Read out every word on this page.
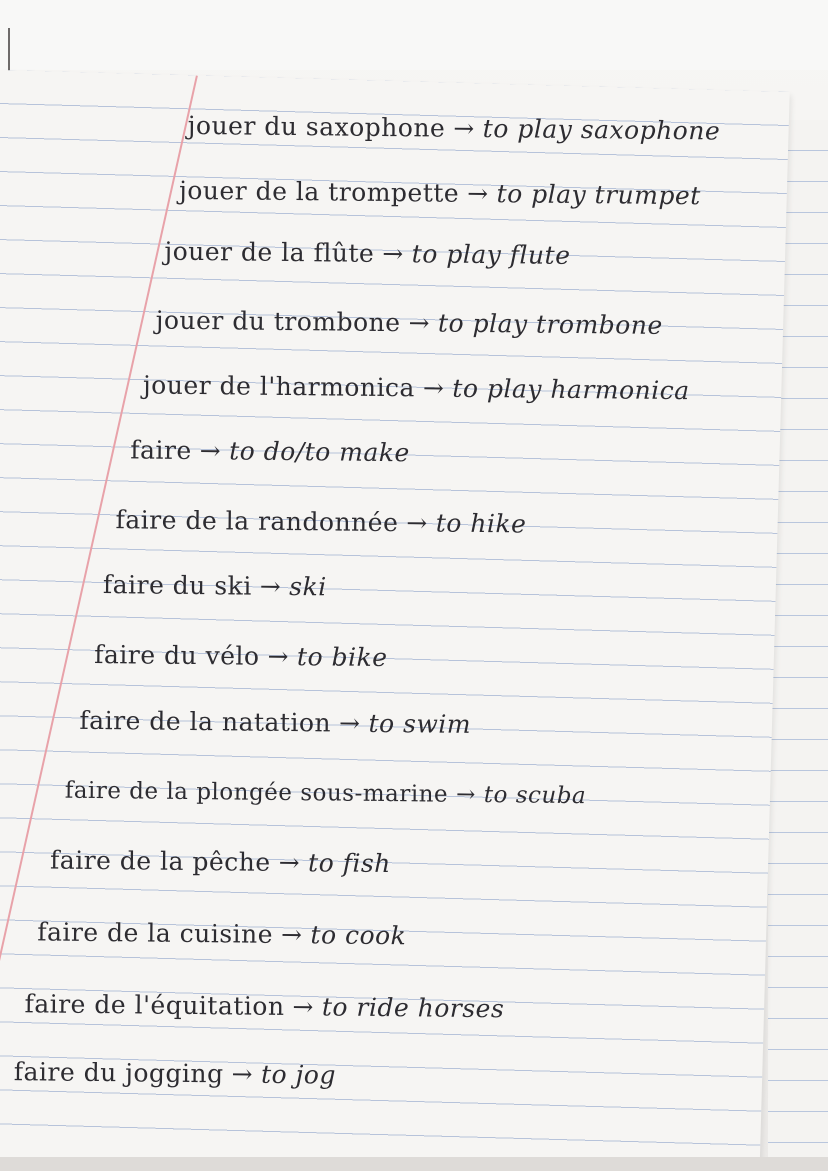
jouer du saxophone → to play saxophone
jouer de la trompette → to play trumpet
jouer de la flûte → to play flute
jouer du trombone → to play trombone
jouer de l'harmonica → to play harmonica
faire → to do/to make
faire de la randonnée → to hike
faire du ski → ski
faire du vélo → to bike
faire de la natation → to swim
faire de la plongée sous-marine → to scuba
faire de la pêche → to fish
faire de la cuisine → to cook
faire de l'équitation → to ride horses
faire du jogging → to jog
